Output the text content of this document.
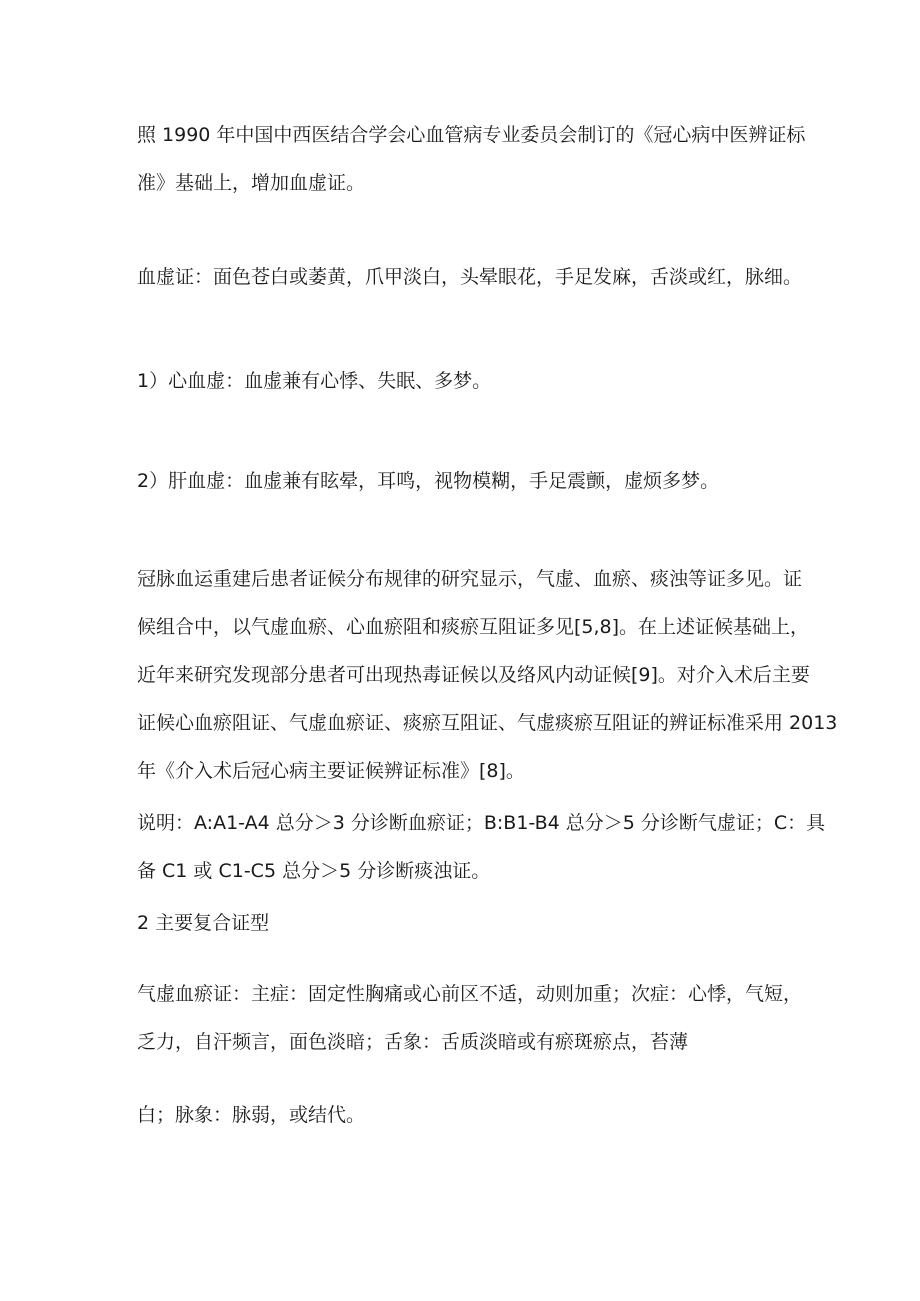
照 1990 年中国中西医结合学会心血管病专业委员会制订的《冠心病中医辨证标
准》基础上，增加血虚证。
血虚证：面色苍白或萎黄，爪甲淡白，头晕眼花，手足发麻，舌淡或红，脉细。
1）心血虚：血虚兼有心悸、失眠、多梦。
2）肝血虚：血虚兼有眩晕，耳鸣，视物模糊，手足震颤，虚烦多梦。
冠脉血运重建后患者证候分布规律的研究显示，气虚、血瘀、痰浊等证多见。证
候组合中，以气虚血瘀、心血瘀阻和痰瘀互阻证多见[5,8]。在上述证候基础上，
近年来研究发现部分患者可出现热毒证候以及络风内动证候[9]。对介入术后主要
证候心血瘀阻证、气虚血瘀证、痰瘀互阻证、气虚痰瘀互阻证的辨证标准采用 2013
年《介入术后冠心病主要证候辨证标准》[8]。
说明：A:A1-A4 总分＞3 分诊断血瘀证；B:B1-B4 总分＞5 分诊断气虚证；C：具
备 C1 或 C1-C5 总分＞5 分诊断痰浊证。
2 主要复合证型
气虚血瘀证：主症：固定性胸痛或心前区不适，动则加重；次症：心悸，气短，
乏力，自汗频言，面色淡暗；舌象：舌质淡暗或有瘀斑瘀点，苔薄
白；脉象：脉弱，或结代。
